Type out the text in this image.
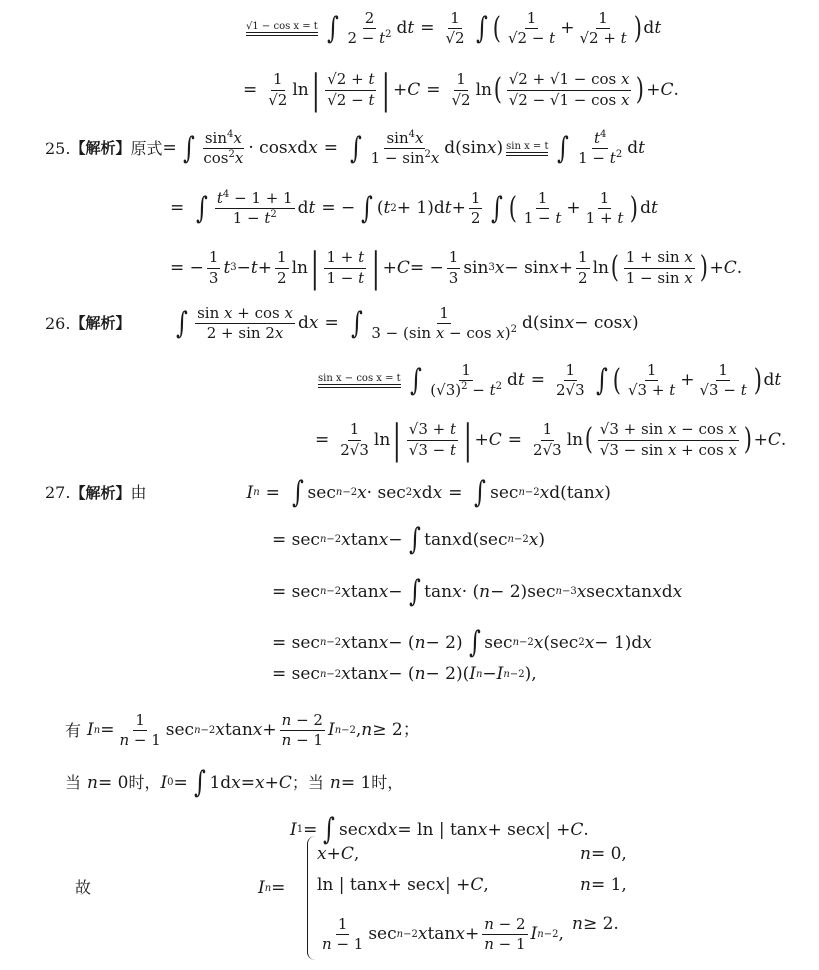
√1 − cos x = t ∫ $\frac{2}{2 - t^2}$ d $t = \frac{1}{√2}$ ∫ ( $\frac{1}{√2 - t} + \frac{1}{√2 + t}$ ) d t
= $\frac{1}{√2}$ ln | $\frac{√2 + t}{√2 - t}$ | + $C = \frac{1}{√2}$ ln ( $\frac{\text{√2 + √1 − cos x}}{\text{√2 − √1 − cos x}}$ ) + C .
25. 【解析】 原式 = ∫ $\frac{\sin^4x}{\cos^2x} \cdot \cos x$ d x = ∫ $\frac{\sin^4x}{1 - \sin^2x} d(\sin$ x ) sin x = t ∫ $\frac{t^4}{1 - t^2}$ d t
= ∫ $\frac{t^4 - 1 + 1}{1 - t^2}$ d t = − ∫ ( t 2 + 1)d $t + \frac{1}{2}$ ∫ ( $\frac{1}{1 - t} + \frac{1}{1 + t}$ ) d t
= − $\frac{1}{3}$ t $3 - t + \frac{1}{2}$ ln | $\frac{1 + t}{1 - t}$ | + C = − $\frac{1}{3}$ sin 3 $x - \sin x + \frac{1}{2}$ ln ( $\frac{\text{1 + sin x}}{\text{1 − sin x}}$ ) + C .
26. 【解析】 ∫ $\frac{\text{sin x + cos x}}{2 + \sin 2x}$ d x = ∫ $\frac{1}{3 - (\sin x - \cos x)^2} d(\sin$ x − cos x )
sin x − cos x = t ∫ $\frac{1}{(√3)^2 - t^2}$ d $t = \frac{1}{2√3}$ ∫ ( $\frac{1}{√3 + t} + \frac{1}{√3 - t}$ ) d t
= $\frac{1}{2√3}$ ln | $\frac{√3 + t}{√3 - t}$ | + $C = \frac{1}{2√3}$ ln ( $\frac{\text{√3 + sin x − cos x}}{\text{√3 − sin x + cos x}}$ ) + C .
27. 【解析】 由	I n = ∫ sec n−2 x · sec 2 x d x = ∫ sec n−2 x d(tan x )
= sec n−2 x tan x − ∫ tan x d(sec n−2 x )
= sec n−2 x tan x − ∫ tan x · ( n − 2)sec n−3 x sec x tan x d x
= sec n−2 x tan x − ( n − 2) ∫ sec n−2 x (sec 2 x − 1)d x
= sec n−2 x tan x − ( n − 2)( I n − I n−2 ),
有 I $n = \frac{1}{n - 1}$ sec n−2 x $\tan x + \frac{n - 2}{n - 1}$ I n−2 , n ≥ 2；
当 n = 0 时， I 0 = ∫ 1d x = x + C ；当 n = 1 时，
I 1 = ∫ sec x d x = ln | tan x + sec x | + C .
故	I n =
x + C ,	n = 0,
ln | tan x + sec x | + C ,	n = 1,
$\frac{1}{n - 1}$ sec n−2 x $\tan x + \frac{n - 2}{n - 1}$ I n−2 ,
n ≥ 2.
